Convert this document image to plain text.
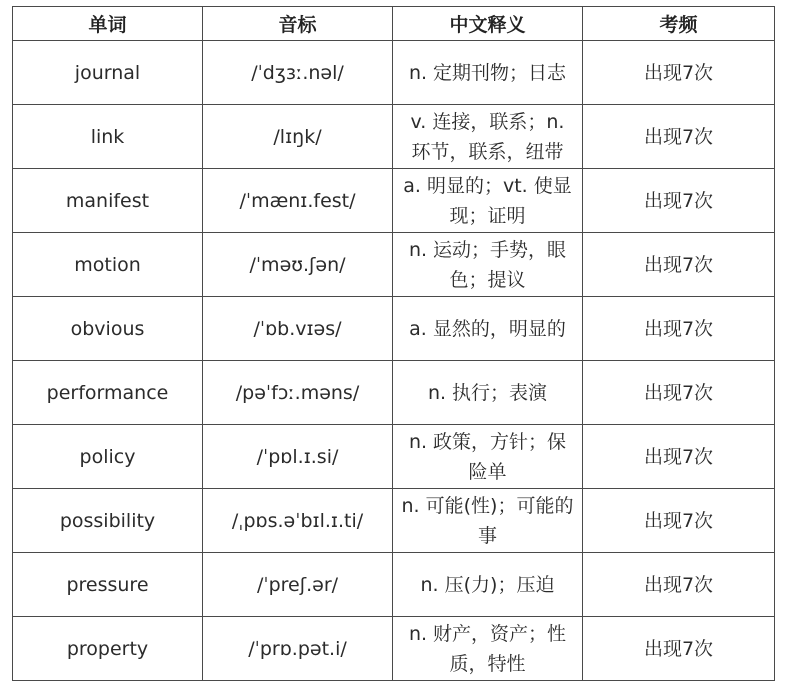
单词	音标	中文释义	考频
journal	/ˈdʒɜː.nəl/	n. 定期刊物；日志	出现7次
link	/lɪŋk/	v. 连接，联系；n. 环节，联系，纽带	出现7次
manifest	/ˈmænɪ.fest/	a. 明显的；vt. 使显现；证明	出现7次
motion	/ˈməʊ.ʃən/	n. 运动；手势，眼色；提议	出现7次
obvious	/ˈɒb.vɪəs/	a. 显然的，明显的	出现7次
performance	/pəˈfɔː.məns/	n. 执行；表演	出现7次
policy	/ˈpɒl.ɪ.si/	n. 政策，方针；保险单	出现7次
possibility	/ˌpɒs.əˈbɪl.ɪ.ti/	n. 可能(性)；可能的事	出现7次
pressure	/ˈpreʃ.ər/	n. 压(力)；压迫	出现7次
property	/ˈprɒ.pət.i/	n. 财产，资产；性质，特性	出现7次
